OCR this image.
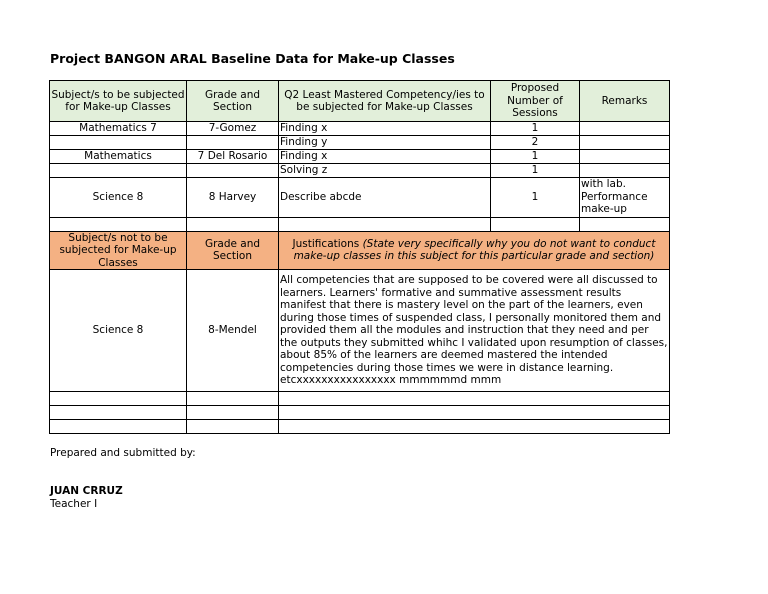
Project BANGON ARAL Baseline Data for Make-up Classes
Subject/s to be subjected for Make-up Classes	Grade and Section	Q2 Least Mastered Competency/ies to be subjected for Make-up Classes	Proposed Number of Sessions	Remarks
Mathematics 7	7-Gomez	Finding x	1	
		Finding y	2	
Mathematics	7 Del Rosario	Finding x	1	
		Solving z	1	
Science 8	8 Harvey	Describe abcde	1	with lab. Performance make-up

Subject/s not to be subjected for Make-up Classes	Grade and Section	Justifications (State very specifically why you do not want to conduct make-up classes in this subject for this particular grade and section)		
Science 8	8-Mendel	All competencies that are supposed to be covered were all discussed to learners. Learners' formative and summative assessment results manifest that there is mastery level on the part of the learners, even during those times of suspended class, I personally monitored them and provided them all the modules and instruction that they need and per the outputs they submitted whihc I validated upon resumption of classes, about 85% of the learners are deemed mastered the intended competencies during those times we were in distance learning. etcxxxxxxxxxxxxxxxx mmmmmmd mmm		

Prepared and submitted by:
JUAN CRRUZ
Teacher I
